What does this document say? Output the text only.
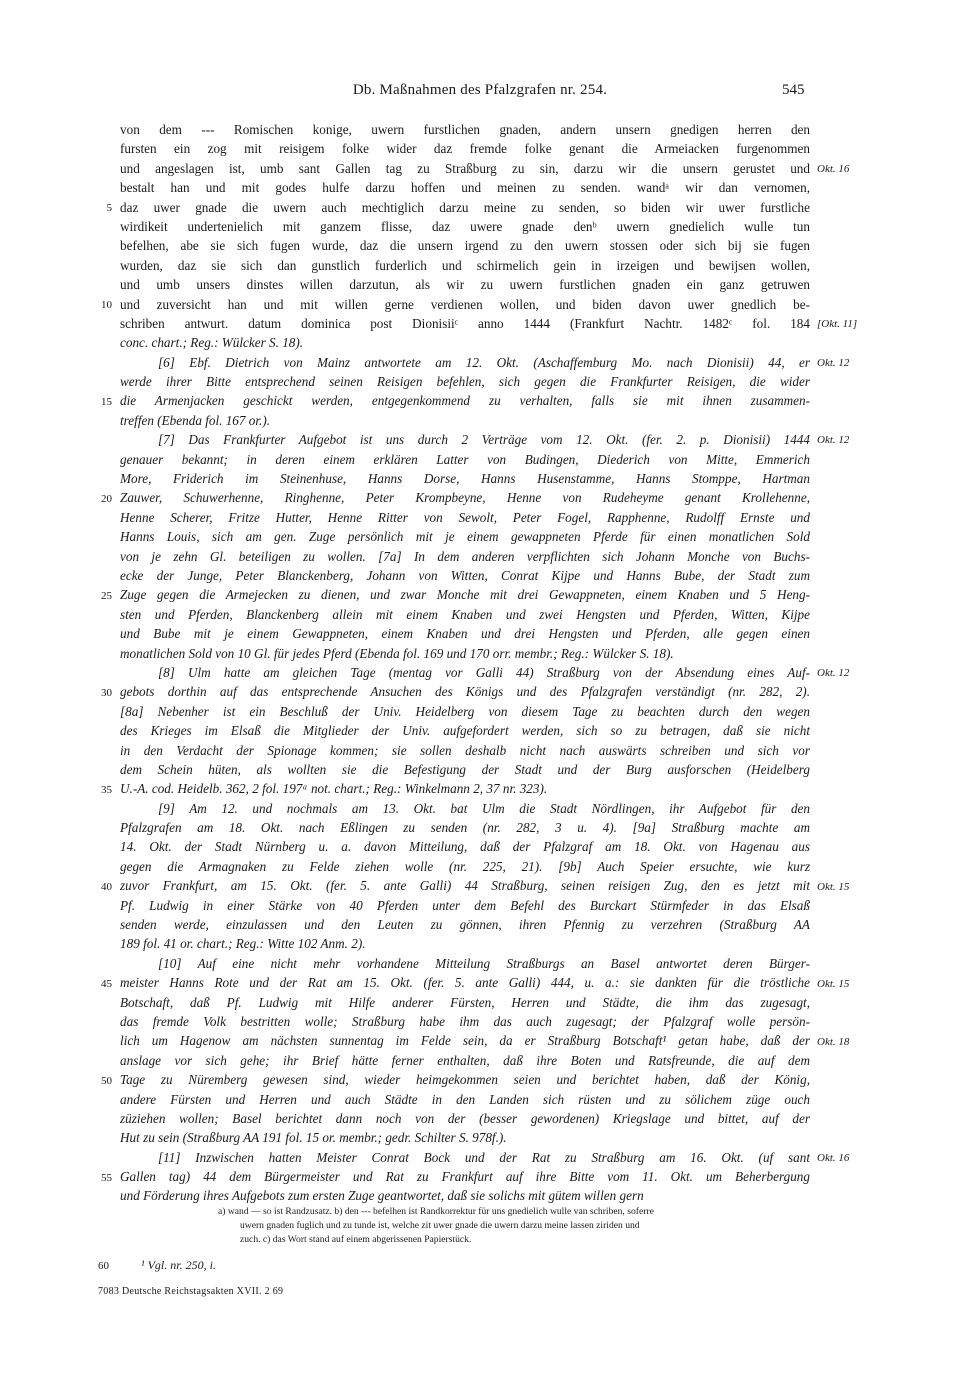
Db. Maßnahmen des Pfalzgrafen nr. 254.	545
von dem --- Romischen konige, uwern furstlichen gnaden, andern unsern gnedigen herren den
fursten ein zog mit reisigem folke wider daz fremde folke genant die Armeiacken furgenommen
und angeslagen ist, umb sant Gallen tag zu Straßburg zu sin, darzu wir die unsern gerustet und
bestalt han und mit godes hulfe darzu hoffen und meinen zu senden. wandᵃ wir dan vernomen,
daz uwer gnade die uwern auch mechtiglich darzu meine zu senden, so biden wir uwer furstliche
wirdikeit undertenielich mit ganzem flisse, daz uwere gnade denᵇ uwern gnedielich wulle tun
befelhen, abe sie sich fugen wurde, daz die unsern irgend zu den uwern stossen oder sich bij sie fugen
wurden, daz sie sich dan gunstlich furderlich und schirmelich gein in irzeigen und bewijsen wollen,
und umb unsers dinstes willen darzutun, als wir zu uwern furstlichen gnaden ein ganz getruwen
und zuversicht han und mit willen gerne verdienen wollen, und biden davon uwer gnedlich be-
schriben antwurt. datum dominica post Dionisiiᶜ anno 1444 (Frankfurt Nachtr. 1482ᶜ fol. 184
conc. chart.; Reg.: Wülcker S. 18).
[6] Ebf. Dietrich von Mainz antwortete am 12. Okt. (Aschaffemburg Mo. nach Dionisii) 44, er
werde ihrer Bitte entsprechend seinen Reisigen befehlen, sich gegen die Frankfurter Reisigen, die wider
die Armenjacken geschickt werden, entgegenkommend zu verhalten, falls sie mit ihnen zusammen-
treffen (Ebenda fol. 167 or.).
[7] Das Frankfurter Aufgebot ist uns durch 2 Verträge vom 12. Okt. (fer. 2. p. Dionisii) 1444
genauer bekannt; in deren einem erklären Latter von Budingen, Diederich von Mitte, Emmerich
More, Friderich im Steinenhuse, Hanns Dorse, Hanns Husenstamme, Hanns Stomppe, Hartman
Zauwer, Schuwerhenne, Ringhenne, Peter Krompbeyne, Henne von Rudeheyme genant Krollehenne,
Henne Scherer, Fritze Hutter, Henne Ritter von Sewolt, Peter Fogel, Rapphenne, Rudolff Ernste und
Hanns Louis, sich am gen. Zuge persönlich mit je einem gewappneten Pferde für einen monatlichen Sold
von je zehn Gl. beteiligen zu wollen. [7a] In dem anderen verpflichten sich Johann Monche von Buchs-
ecke der Junge, Peter Blanckenberg, Johann von Witten, Conrat Kijpe und Hanns Bube, der Stadt zum
Zuge gegen die Armejecken zu dienen, und zwar Monche mit drei Gewappneten, einem Knaben und 5 Heng-
sten und Pferden, Blanckenberg allein mit einem Knaben und zwei Hengsten und Pferden, Witten, Kijpe
und Bube mit je einem Gewappneten, einem Knaben und drei Hengsten und Pferden, alle gegen einen
monatlichen Sold von 10 Gl. für jedes Pferd (Ebenda fol. 169 und 170 orr. membr.; Reg.: Wülcker S. 18).
[8] Ulm hatte am gleichen Tage (mentag vor Galli 44) Straßburg von der Absendung eines Auf-
gebots dorthin auf das entsprechende Ansuchen des Königs und des Pfalzgrafen verständigt (nr. 282, 2).
[8a] Nebenher ist ein Beschluß der Univ. Heidelberg von diesem Tage zu beachten durch den wegen
des Krieges im Elsaß die Mitglieder der Univ. aufgefordert werden, sich so zu betragen, daß sie nicht
in den Verdacht der Spionage kommen; sie sollen deshalb nicht nach auswärts schreiben und sich vor
dem Schein hüten, als wollten sie die Befestigung der Stadt und der Burg ausforschen (Heidelberg
U.-A. cod. Heidelb. 362, 2 fol. 197ᵃ not. chart.; Reg.: Winkelmann 2, 37 nr. 323).
[9] Am 12. und nochmals am 13. Okt. bat Ulm die Stadt Nördlingen, ihr Aufgebot für den
Pfalzgrafen am 18. Okt. nach Eßlingen zu senden (nr. 282, 3 u. 4). [9a] Straßburg machte am
14. Okt. der Stadt Nürnberg u. a. davon Mitteilung, daß der Pfalzgraf am 18. Okt. von Hagenau aus
gegen die Armagnaken zu Felde ziehen wolle (nr. 225, 21). [9b] Auch Speier ersuchte, wie kurz
zuvor Frankfurt, am 15. Okt. (fer. 5. ante Galli) 44 Straßburg, seinen reisigen Zug, den es jetzt mit
Pf. Ludwig in einer Stärke von 40 Pferden unter dem Befehl des Burckart Stürmfeder in das Elsaß
senden werde, einzulassen und den Leuten zu gönnen, ihren Pfennig zu verzehren (Straßburg AA
189 fol. 41 or. chart.; Reg.: Witte 102 Anm. 2).
[10] Auf eine nicht mehr vorhandene Mitteilung Straßburgs an Basel antwortet deren Bürger-
meister Hanns Rote und der Rat am 15. Okt. (fer. 5. ante Galli) 444, u. a.: sie dankten für die tröstliche
Botschaft, daß Pf. Ludwig mit Hilfe anderer Fürsten, Herren und Städte, die ihm das zugesagt,
das fremde Volk bestritten wolle; Straßburg habe ihm das auch zugesagt; der Pfalzgraf wolle persön-
lich um Hagenow am nächsten sunnentag im Felde sein, da er Straßburg Botschaft¹ getan habe, daß der
anslage vor sich gehe; ihr Brief hätte ferner enthalten, daß ihre Boten und Ratsfreunde, die auf dem
Tage zu Nüremberg gewesen sind, wieder heimgekommen seien und berichtet haben, daß der König,
andere Fürsten und Herren und auch Städte in den Landen sich rüsten und zu sölichem züge ouch
züziehen wollen; Basel berichtet dann noch von der (besser gewordenen) Kriegslage und bittet, auf der
Hut zu sein (Straßburg AA 191 fol. 15 or. membr.; gedr. Schilter S. 978f.).
[11] Inzwischen hatten Meister Conrat Bock und der Rat zu Straßburg am 16. Okt. (uf sant
Gallen tag) 44 dem Bürgermeister und Rat zu Frankfurt auf ihre Bitte vom 11. Okt. um Beherbergung
und Förderung ihres Aufgebots zum ersten Zuge geantwortet, daß sie solichs mit gütem willen gern
5
10
15
20
25
30
35
40
45
50
55
Okt. 16
[Okt. 11]
Okt. 12
Okt. 12
Okt. 12
Okt. 15
Okt. 15
Okt. 18
Okt. 16
a) wand — so ist Randzusatz. b) den --- befelhen ist Randkorrektur für uns gnedielich wulle van schriben, soferre
uwern gnaden fuglich und zu tunde ist, welche zit uwer gnade die uwern darzu meine lassen ziriden und
zuch. c) das Wort stand auf einem abgerissenen Papierstück.
60	¹ Vgl. nr. 250, i.
7083 Deutsche Reichstagsakten XVII. 2 69
